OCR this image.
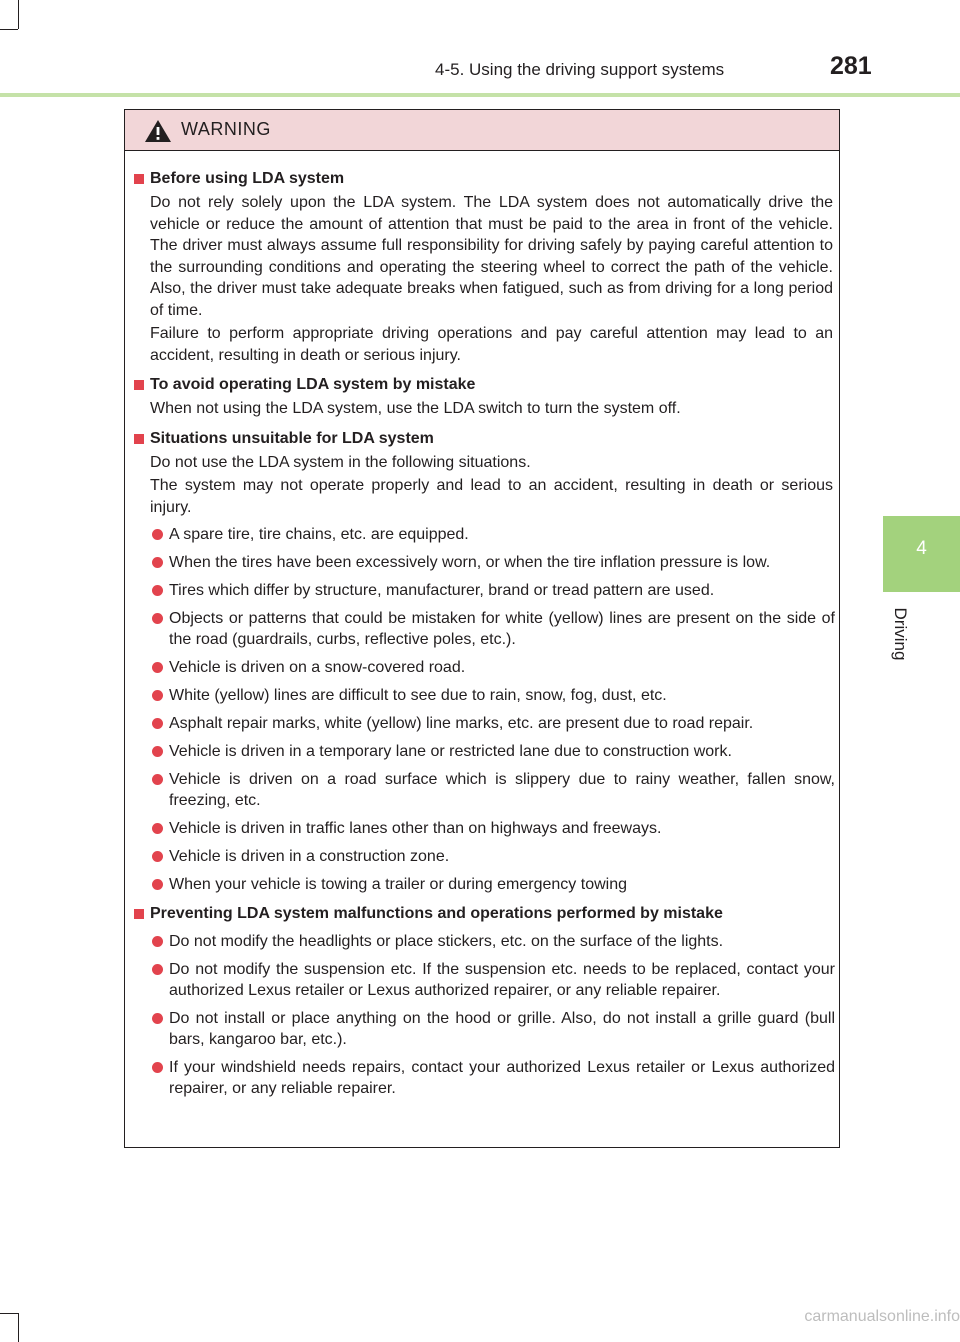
4-5. Using the driving support systems	281
4
Driving
WARNING
Before using LDA system
Do not rely solely upon the LDA system. The LDA system does not automatically drive the vehicle or reduce the amount of attention that must be paid to the area in front of the vehicle. The driver must always assume full responsibility for driving safely by paying careful attention to the surrounding conditions and operating the steering wheel to correct the path of the vehicle. Also, the driver must take adequate breaks when fatigued, such as from driving for a long period of time.
Failure to perform appropriate driving operations and pay careful attention may lead to an accident, resulting in death or serious injury.
To avoid operating LDA system by mistake
When not using the LDA system, use the LDA switch to turn the system off.
Situations unsuitable for LDA system
Do not use the LDA system in the following situations.
The system may not operate properly and lead to an accident, resulting in death or serious injury.
A spare tire, tire chains, etc. are equipped.
When the tires have been excessively worn, or when the tire inflation pressure is low.
Tires which differ by structure, manufacturer, brand or tread pattern are used.
Objects or patterns that could be mistaken for white (yellow) lines are present on the side of the road (guardrails, curbs, reflective poles, etc.).
Vehicle is driven on a snow-covered road.
White (yellow) lines are difficult to see due to rain, snow, fog, dust, etc.
Asphalt repair marks, white (yellow) line marks, etc. are present due to road repair.
Vehicle is driven in a temporary lane or restricted lane due to construction work.
Vehicle is driven on a road surface which is slippery due to rainy weather, fallen snow, freezing, etc.
Vehicle is driven in traffic lanes other than on highways and freeways.
Vehicle is driven in a construction zone.
When your vehicle is towing a trailer or during emergency towing
Preventing LDA system malfunctions and operations performed by mistake
Do not modify the headlights or place stickers, etc. on the surface of the lights.
Do not modify the suspension etc. If the suspension etc. needs to be replaced, contact your authorized Lexus retailer or Lexus authorized repairer, or any reliable repairer.
Do not install or place anything on the hood or grille. Also, do not install a grille guard (bull bars, kangaroo bar, etc.).
If your windshield needs repairs, contact your authorized Lexus retailer or Lexus authorized repairer, or any reliable repairer.
carmanualsonline.info
